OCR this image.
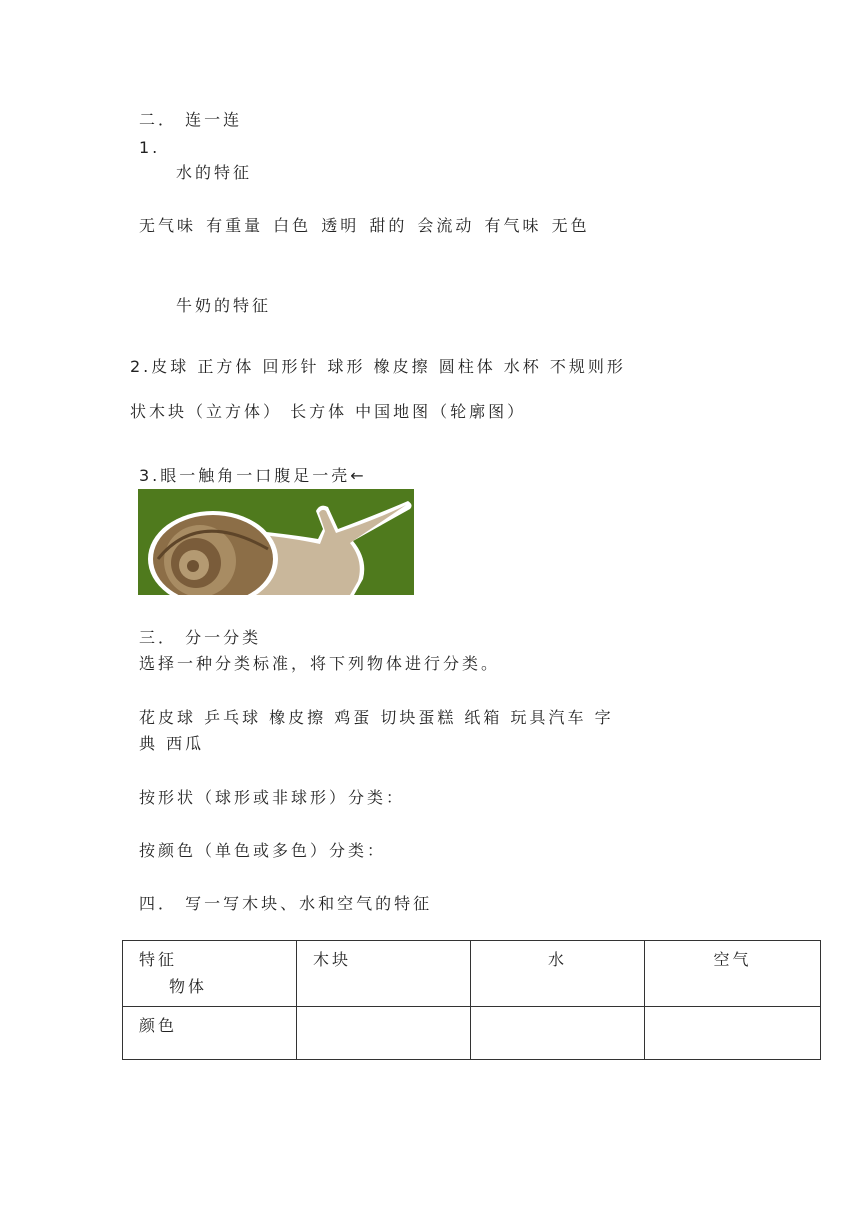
二． 连一连
1.
水的特征
无气味 有重量 白色 透明 甜的 会流动 有气味 无色
牛奶的特征
2.皮球 正方体 回形针 球形 橡皮擦 圆柱体 水杯 不规则形
状木块（立方体） 长方体 中国地图（轮廓图）
3.眼一触角一口腹足一壳←
三． 分一分类
选择一种分类标准，将下列物体进行分类。
花皮球 乒乓球 橡皮擦 鸡蛋 切块蛋糕 纸箱 玩具汽车 字
典 西瓜
按形状（球形或非球形）分类：
按颜色（单色或多色）分类：
四． 写一写木块、水和空气的特征
特征
物体	木块	水	空气
颜色			
